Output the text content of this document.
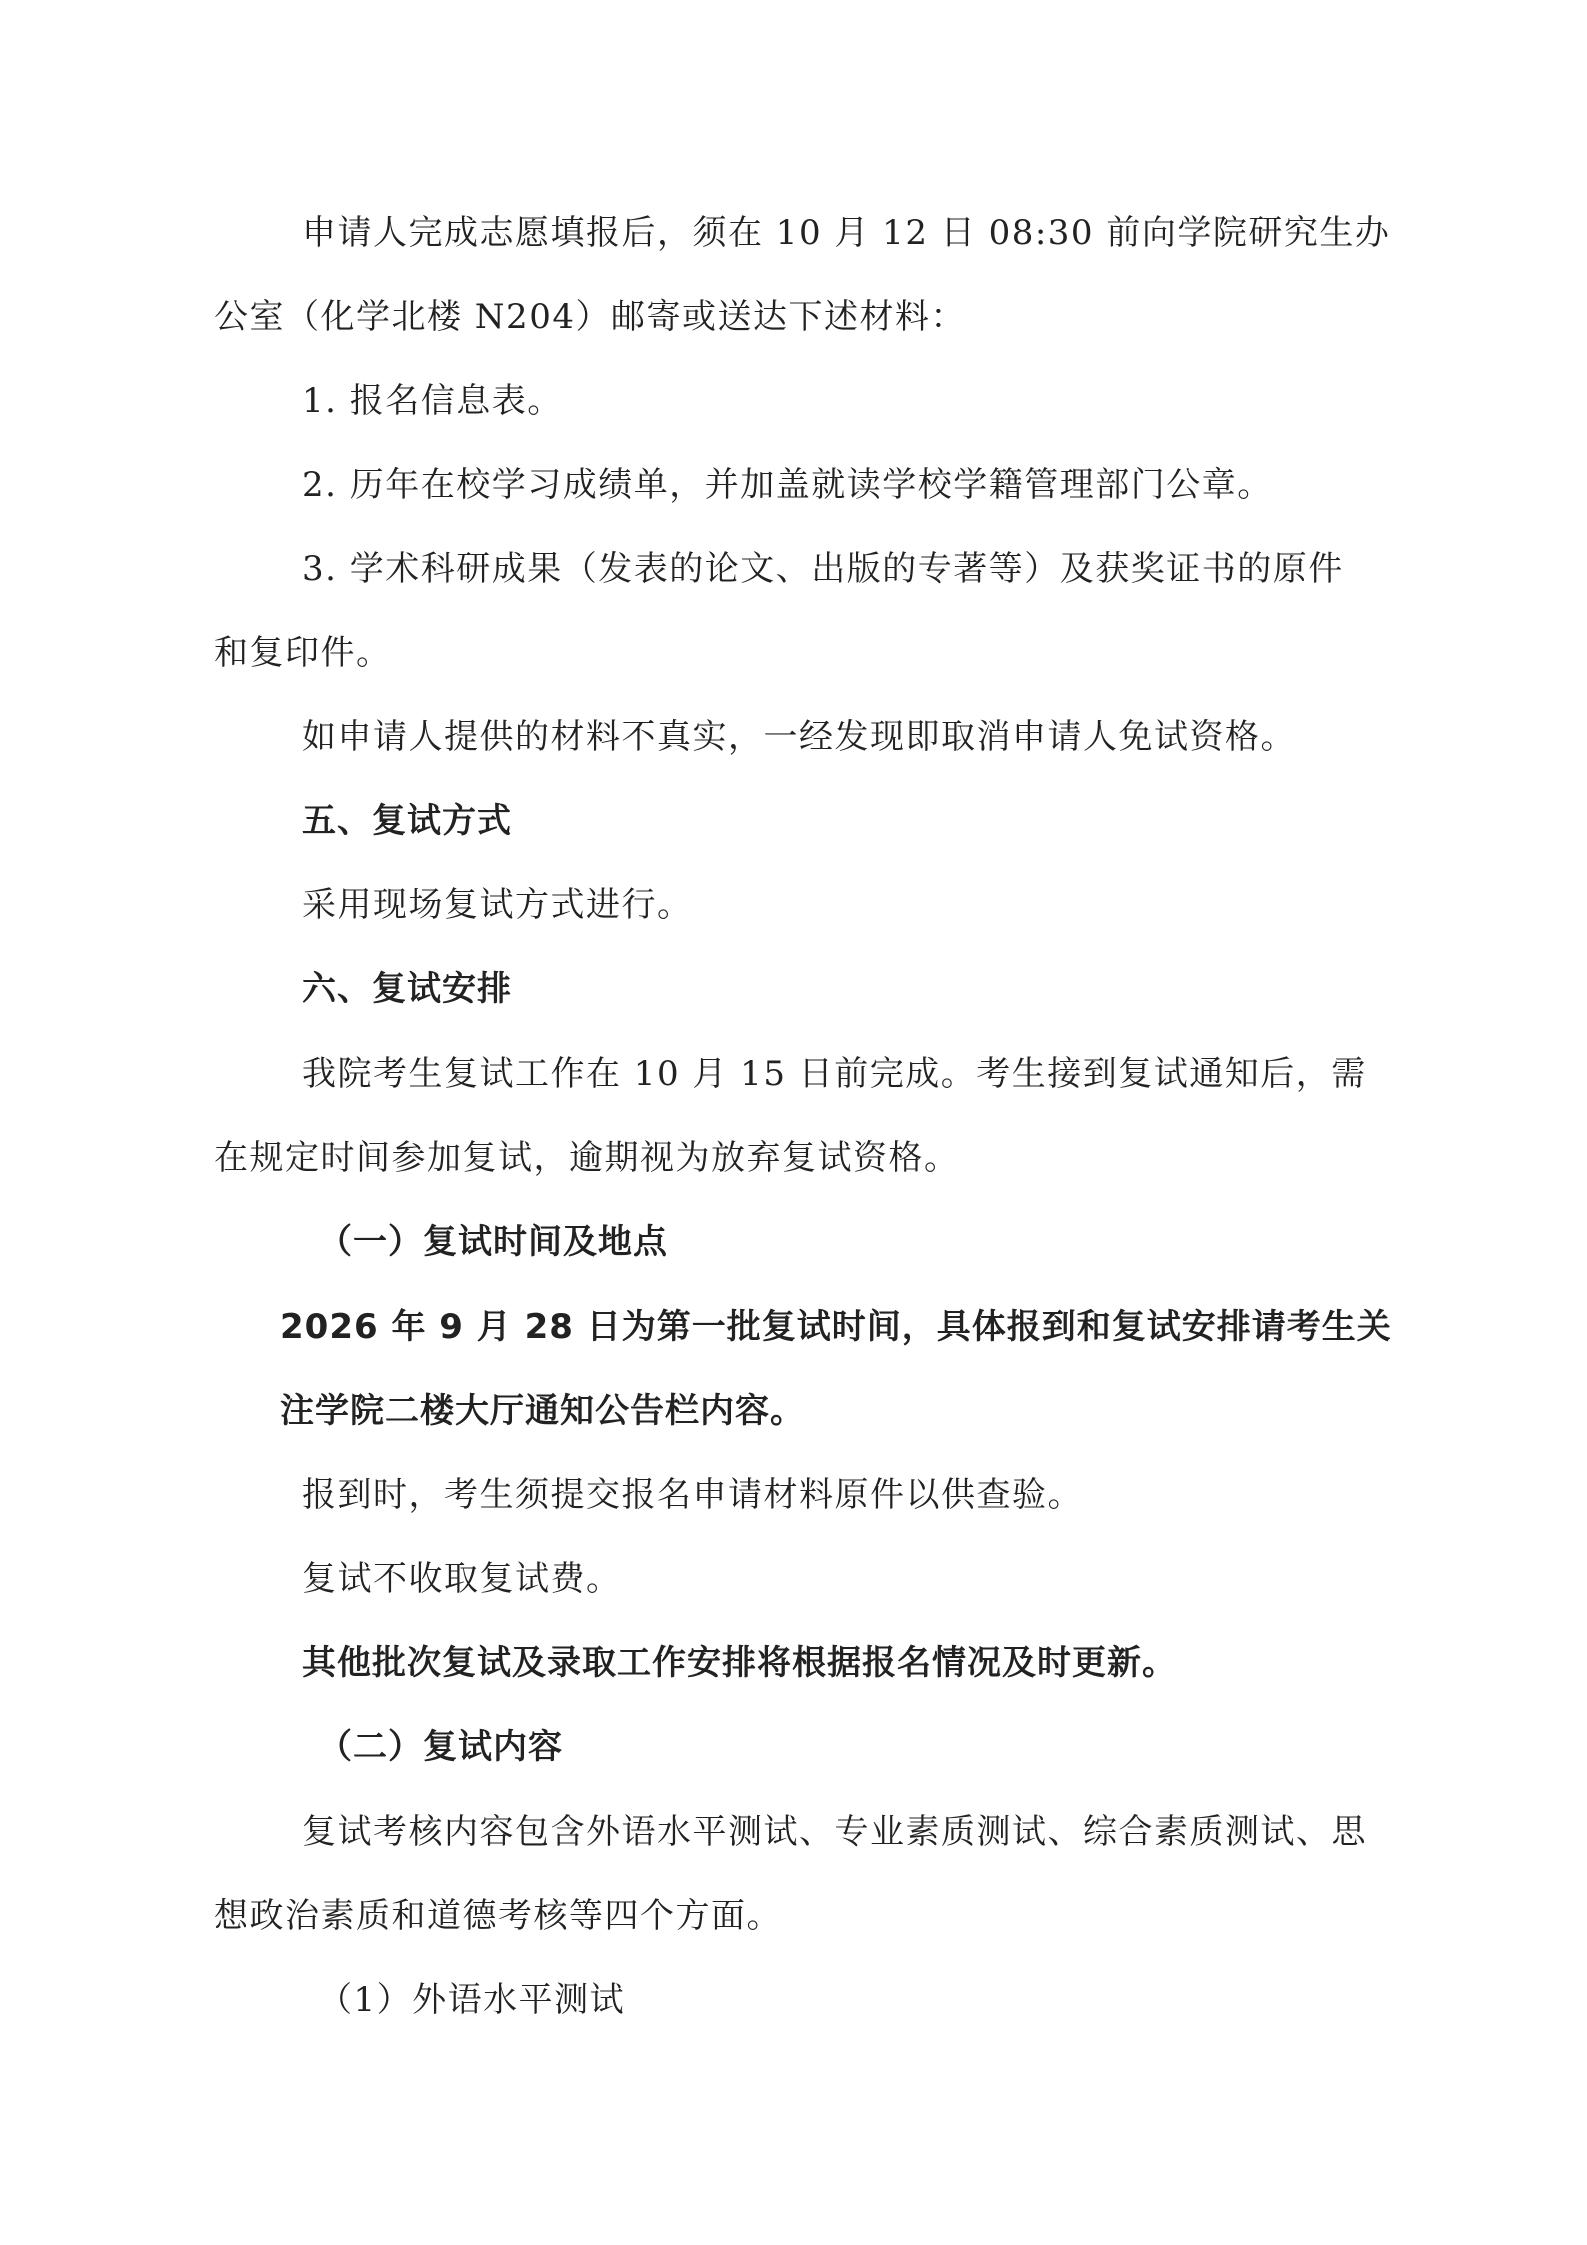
申请人完成志愿填报后，须在 10 月 12 日 08:30 前向学院研究生办
公室（化学北楼 N204）邮寄或送达下述材料：
1. 报名信息表。
2. 历年在校学习成绩单，并加盖就读学校学籍管理部门公章。
3. 学术科研成果（发表的论文、出版的专著等）及获奖证书的原件
和复印件。
如申请人提供的材料不真实，一经发现即取消申请人免试资格。
五、复试方式
采用现场复试方式进行。
六、复试安排
我院考生复试工作在 10 月 15 日前完成。考生接到复试通知后，需
在规定时间参加复试，逾期视为放弃复试资格。
（一）复试时间及地点
2026 年 9 月 28 日为第一批复试时间，具体报到和复试安排请考生关
注学院二楼大厅通知公告栏内容。
报到时，考生须提交报名申请材料原件以供查验。
复试不收取复试费。
其他批次复试及录取工作安排将根据报名情况及时更新。
（二）复试内容
复试考核内容包含外语水平测试、专业素质测试、综合素质测试、思
想政治素质和道德考核等四个方面。
（1）外语水平测试
